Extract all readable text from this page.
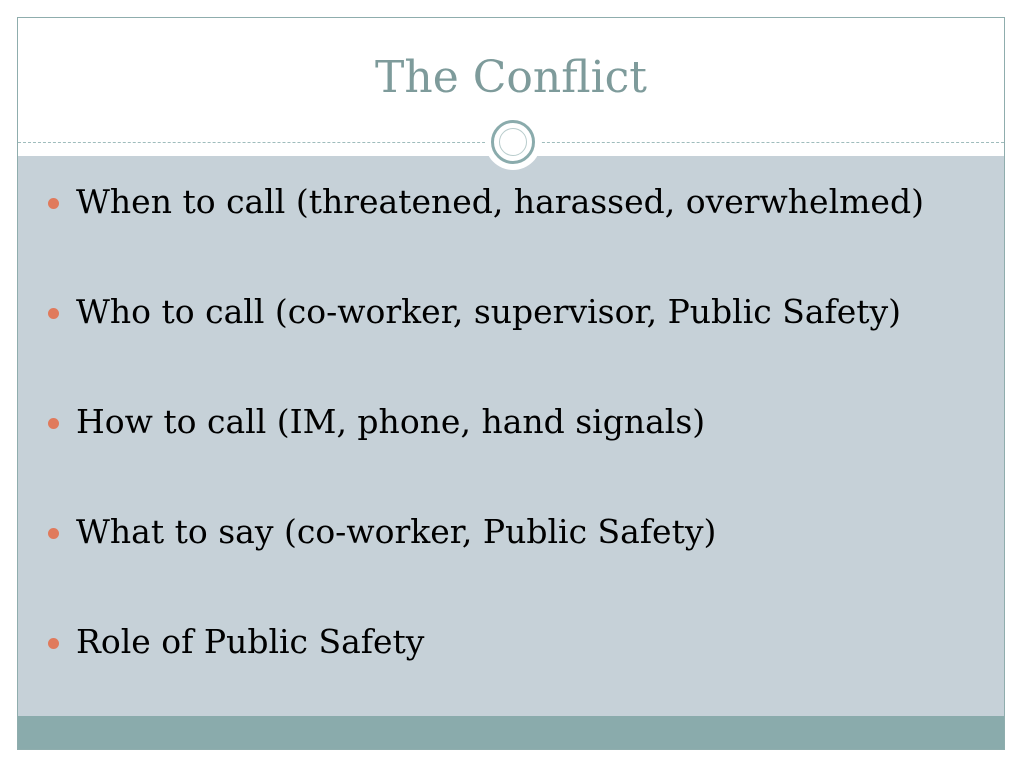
The Conflict
When to call (threatened, harassed, overwhelmed)
Who to call (co-worker, supervisor, Public Safety)
How to call (IM, phone, hand signals)
What to say (co-worker, Public Safety)
Role of Public Safety
